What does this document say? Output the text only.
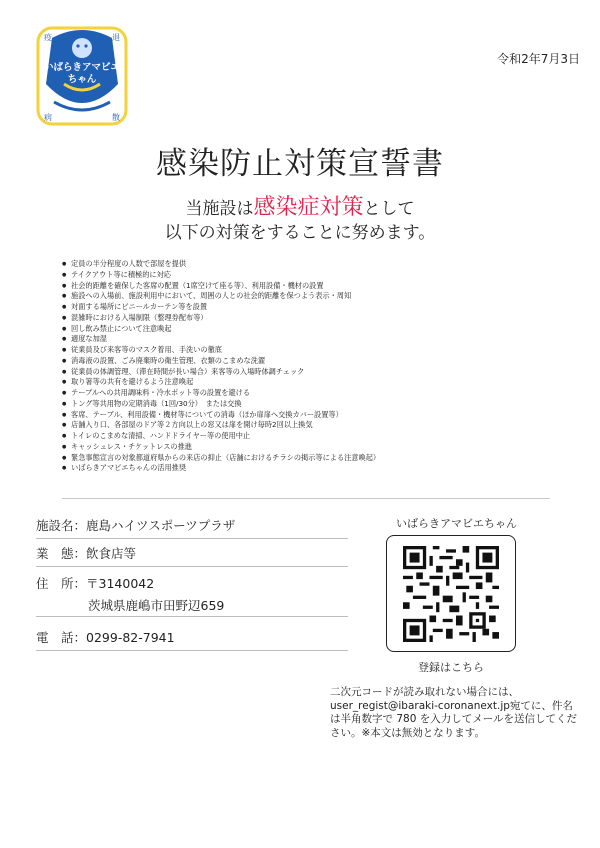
疫
病
退
散
いばらきアマビエちゃん
令和2年7月3日
感染防止対策宣誓書
当施設は感染症対策として
以下の対策をすることに努めます。
● 定員の半分程度の人数で部屋を提供
● テイクアウト等に積極的に対応
● 社会的距離を確保した客席の配置（1席空けて座る等）、利用設備・機材の設置
● 施設への入場前、施設利用中において、周囲の人との社会的距離を保つよう表示・周知
● 対面する場所にビニールカーテン等を設置
● 混雑時における入場制限（整理券配布等）
● 回し飲み禁止について注意喚起
● 適度な加湿
● 従業員及び来客等のマスク着用、手洗いの徹底
● 消毒液の設置、ごみ廃棄時の衛生管理、衣類のこまめな洗濯
● 従業員の体調管理、（滞在時間が長い場合）来客等の入場時体調チェック
● 取り箸等の共有を避けるよう注意喚起
● テーブルへの共用調味料・冷水ポット等の設置を避ける
● トング等共用物の定期消毒（1回/30分）　または交換
● 客席、テーブル、利用設備・機材等についての消毒（ほか扉扉へ交換カバー設置等）
● 店舗入り口、各部屋のドア等２方向以上の窓又は扉を開け毎時2回以上換気
● トイレのこまめな清掃、ハンドドライヤー等の使用中止
● キャッシュレス・チケットレスの推進
● 緊急事態宣言の対象都道府県からの来店の抑止（店舗におけるチラシの掲示等による注意喚起）
● いばらきアマビエちゃんの活用推奨
施設名：鹿島ハイツスポーツプラザ
業　態：飲食店等
住　所：〒3140042
茨城県鹿嶋市田野辺659
電　話：0299-82-7941
いばらきアマビエちゃん
登録はこちら
二次元コードが読み取れない場合には、user_regist@ibaraki-coronanext.jp宛てに、件名は半角数字で 780 を入力してメールを送信してください。※本文は無効となります。
